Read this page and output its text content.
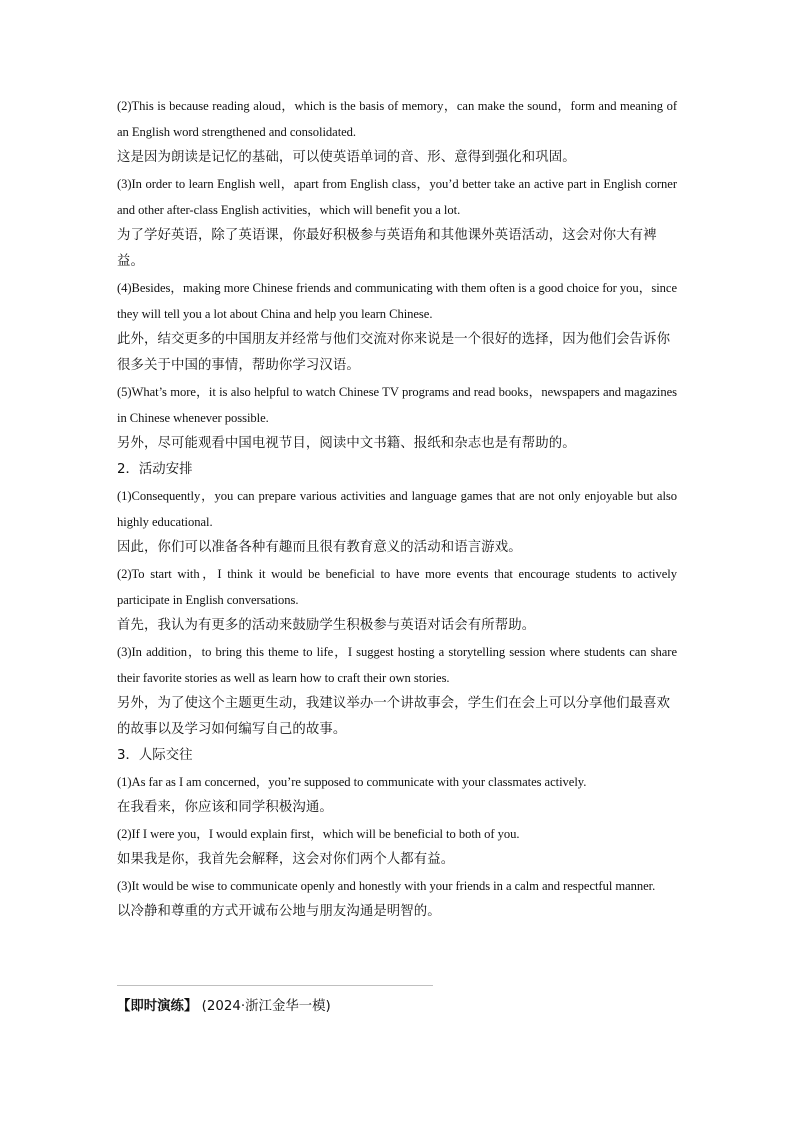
(2)This is because reading aloud，which is the basis of memory，can make the sound，form and meaning of an English word strengthened and consolidated.

这是因为朗读是记忆的基础，可以使英语单词的音、形、意得到强化和巩固。

(3)In order to learn English well，apart from English class，you’d better take an active part in English corner and other after-class English activities，which will benefit you a lot.

为了学好英语，除了英语课，你最好积极参与英语角和其他课外英语活动，这会对你大有裨益。

(4)Besides，making more Chinese friends and communicating with them often is a good choice for you，since they will tell you a lot about China and help you learn Chinese.

此外，结交更多的中国朋友并经常与他们交流对你来说是一个很好的选择，因为他们会告诉你很多关于中国的事情，帮助你学习汉语。

(5)What’s more，it is also helpful to watch Chinese TV programs and read books，newspapers and magazines in Chinese whenever possible.

另外，尽可能观看中国电视节目，阅读中文书籍、报纸和杂志也是有帮助的。

2．活动安排

(1)Consequently，you can prepare various activities and language games that are not only enjoyable but also highly educational.

因此，你们可以准备各种有趣而且很有教育意义的活动和语言游戏。

(2)To start with，I think it would be beneficial to have more events that encourage students to actively participate in English conversations.

首先，我认为有更多的活动来鼓励学生积极参与英语对话会有所帮助。

(3)In addition，to bring this theme to life，I suggest hosting a storytelling session where students can share their favorite stories as well as learn how to craft their own stories.

另外，为了使这个主题更生动，我建议举办一个讲故事会，学生们在会上可以分享他们最喜欢的故事以及学习如何编写自己的故事。

3．人际交往

(1)As far as I am concerned，you’re supposed to communicate with your classmates actively.

在我看来，你应该和同学积极沟通。

(2)If I were you，I would explain first，which will be beneficial to both of you.

如果我是你，我首先会解释，这会对你们两个人都有益。

(3)It would be wise to communicate openly and honestly with your friends in a calm and respectful manner.

以冷静和尊重的方式开诚布公地与朋友沟通是明智的。

【即时演练】 (2024·浙江金华一模)
